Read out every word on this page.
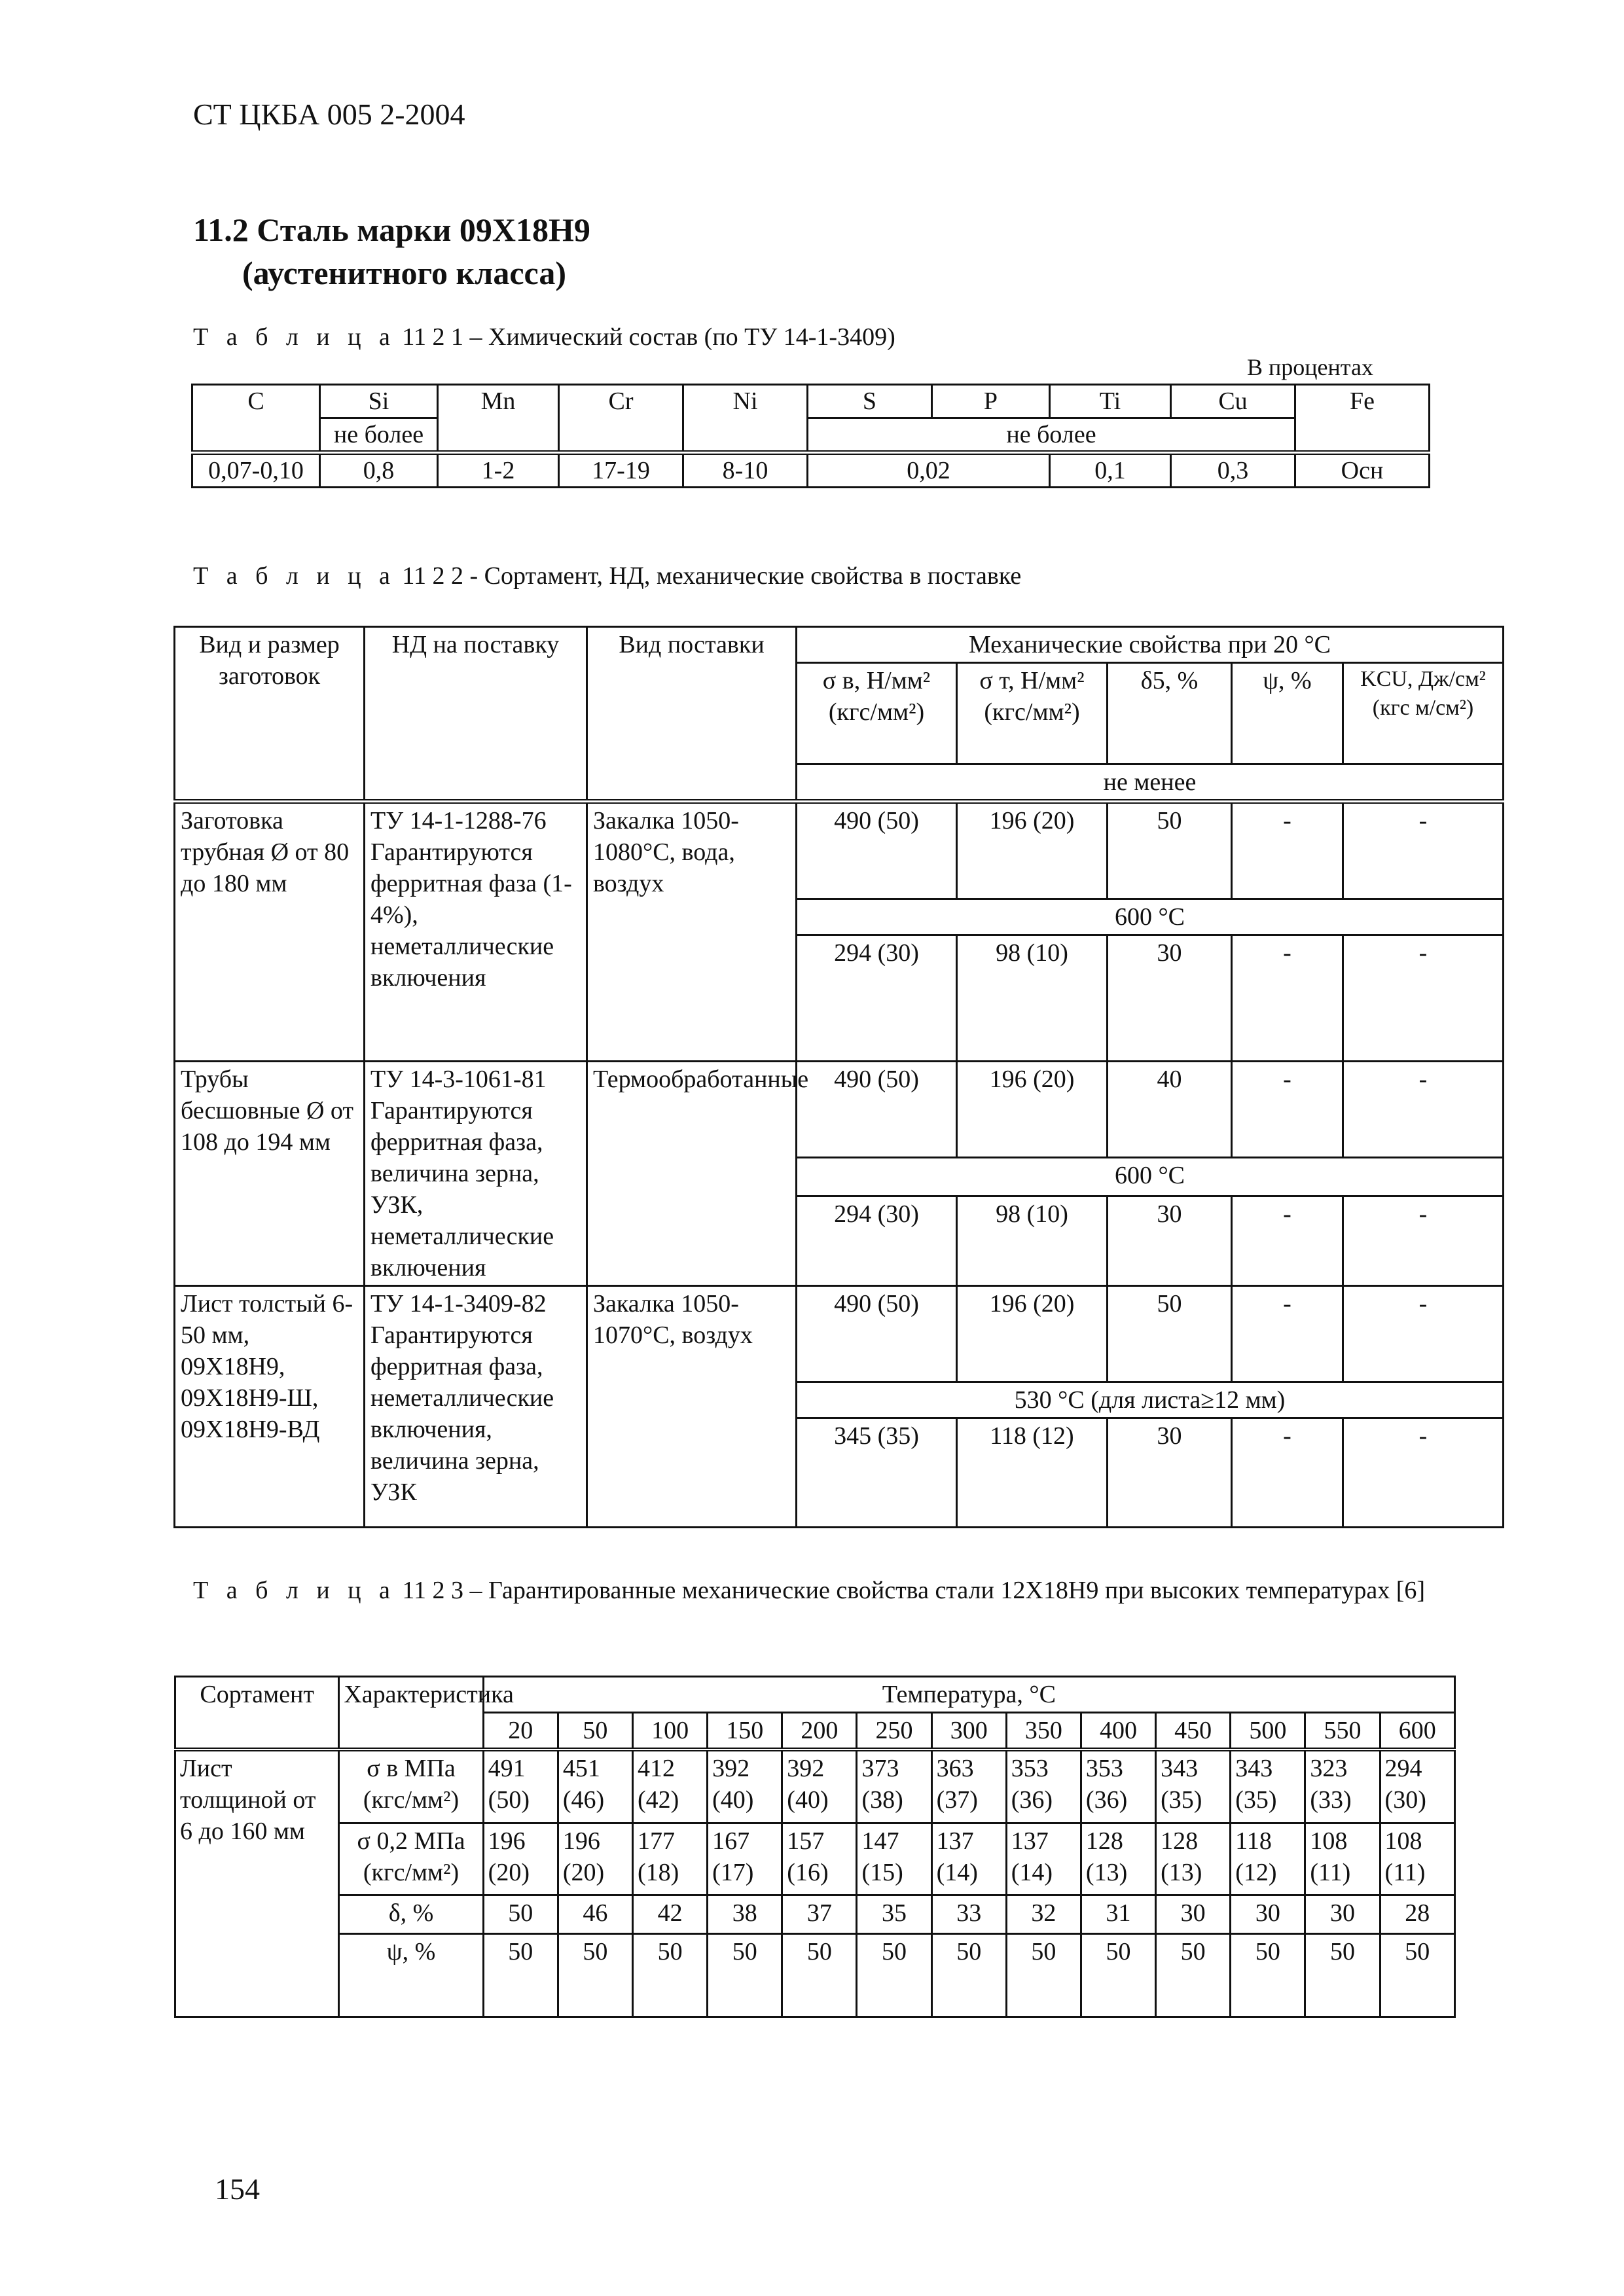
СТ ЦКБА 005 2-2004
11.2 Сталь марки 09Х18Н9
(аустенитного класса)
Т а б л и ц а 11 2 1 – Химический состав (по ТУ 14-1-3409)
В процентах
C	Si	Mn	Cr	Ni	S	P	Ti	Cu	Fe
	не более				не более				
0,07-0,10	0,8	1-2	17-19	8-10	0,02		0,1	0,3	Осн
Т а б л и ц а 11 2 2 - Сортамент, НД, механические свойства в поставке
Вид и размер заготовок	НД на поставку	Вид поставки	Механические свойства при 20 °С				
			σ в, Н/мм² (кгс/мм²)	σ т, Н/мм² (кгс/мм²)	δ5, %	ψ, %	KCU, Дж/см² (кгс м/см²)
			не менее				
Заготовка трубная Ø от 80 до 180 мм	ТУ 14-1-1288-76 Гарантируются ферритная фаза (1-4%), неметаллические включения	Закалка 1050-1080°С, вода, воздух	490 (50)	196 (20)	50	-	-
			600 °С				
			294 (30)	98 (10)	30	-	-
Трубы бесшовные Ø от 108 до 194 мм	ТУ 14-3-1061-81 Гарантируются ферритная фаза, величина зерна, УЗК, неметаллические включения	Термообработанные	490 (50)	196 (20)	40	-	-
			600 °С				
			294 (30)	98 (10)	30	-	-
Лист толстый 6-50 мм, 09Х18Н9, 09Х18Н9-Ш, 09Х18Н9-ВД	ТУ 14-1-3409-82 Гарантируются ферритная фаза, неметаллические включения, величина зерна, УЗК	Закалка 1050-1070°С, воздух	490 (50)	196 (20)	50	-	-
			530 °С (для листа≥12 мм)				
			345 (35)	118 (12)	30	-	-
Т а б л и ц а 11 2 3 – Гарантированные механические свойства стали 12Х18Н9 при высоких температурах [6]
Сортамент	Характеристика	Температура, °С												
		20	50	100	150	200	250	300	350	400	450	500	550	600
Лист толщиной от 6 до 160 мм	σ в МПа (кгс/мм²)	491 (50)	451 (46)	412 (42)	392 (40)	392 (40)	373 (38)	363 (37)	353 (36)	353 (36)	343 (35)	343 (35)	323 (33)	294 (30)
	σ 0,2 МПа (кгс/мм²)	196 (20)	196 (20)	177 (18)	167 (17)	157 (16)	147 (15)	137 (14)	137 (14)	128 (13)	128 (13)	118 (12)	108 (11)	108 (11)
	δ, %	50	46	42	38	37	35	33	32	31	30	30	30	28
	ψ, %	50	50	50	50	50	50	50	50	50	50	50	50	50
154
